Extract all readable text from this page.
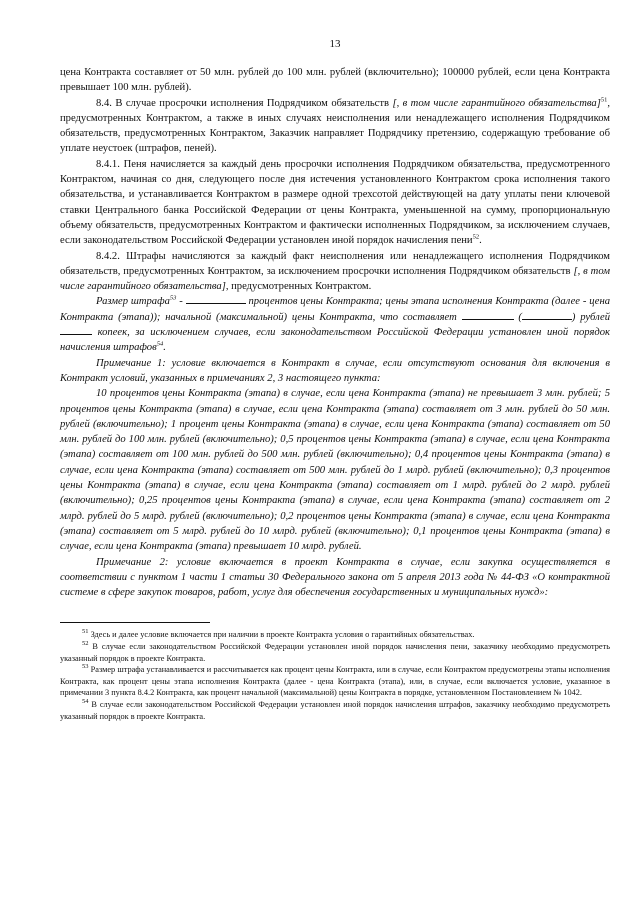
13

цена Контракта составляет от 50 млн. рублей до 100 млн. рублей (включительно); 100000 рублей, если цена Контракта превышает 100 млн. рублей).

8.4. В случае просрочки исполнения Подрядчиком обязательств [, в том числе гарантийного обязательства]$^{51}$, предусмотренных Контрактом, а также в иных случаях неисполнения или ненадлежащего исполнения Подрядчиком обязательств, предусмотренных Контрактом, Заказчик направляет Подрядчику претензию, содержащую требование об уплате неустоек (штрафов, пеней).

8.4.1. Пеня начисляется за каждый день просрочки исполнения Подрядчиком обязательства, предусмотренного Контрактом, начиная со дня, следующего после дня истечения установленного Контрактом срока исполнения такого обязательства, и устанавливается Контрактом в размере одной трехсотой действующей на дату уплаты пени ключевой ставки Центрального банка Российской Федерации от цены Контракта, уменьшенной на сумму, пропорциональную объему обязательств, предусмотренных Контрактом и фактически исполненных Подрядчиком, за исключением случаев, если законодательством Российской Федерации установлен иной порядок начисления пени$^{52}$.

8.4.2. Штрафы начисляются за каждый факт неисполнения или ненадлежащего исполнения Подрядчиком обязательств, предусмотренных Контрактом, за исключением просрочки исполнения Подрядчиком обязательств [, в том числе гарантийного обязательства], предусмотренных Контрактом.

Размер штрафа$^{53}$ -	процентов цены Контракта; цены этапа исполнения Контракта (далее - цена Контракта (этапа)); начальной (максимальной) цены Контракта, что составляет	(	) рублей  копеек, за исключением случаев, если законодательством Российской Федерации установлен иной порядок начисления штрафов$^{54}$.

Примечание 1: условие включается в Контракт в случае, если отсутствуют основания для включения в Контракт условий, указанных в примечаниях 2, 3 настоящего пункта:

10 процентов цены Контракта (этапа) в случае, если цена Контракта (этапа) не превышает 3 млн. рублей; 5 процентов цены Контракта (этапа) в случае, если цена Контракта (этапа) составляет от 3 млн. рублей до 50 млн. рублей (включительно); 1 процент цены Контракта (этапа) в случае, если цена Контракта (этапа) составляет от 50 млн. рублей до 100 млн. рублей (включительно); 0,5 процентов цены Контракта (этапа) в случае, если цена Контракта (этапа) составляет от 100 млн. рублей до 500 млн. рублей (включительно); 0,4 процентов цены Контракта (этапа) в случае, если цена Контракта (этапа) составляет от 500 млн. рублей до 1 млрд. рублей (включительно); 0,3 процентов цены Контракта (этапа) в случае, если цена Контракта (этапа) составляет от 1 млрд. рублей до 2 млрд. рублей (включительно); 0,25 процентов цены Контракта (этапа) в случае, если цена Контракта (этапа) составляет от 2 млрд. рублей до 5 млрд. рублей (включительно); 0,2 процентов цены Контракта (этапа) в случае, если цена Контракта (этапа) составляет от 5 млрд. рублей до 10 млрд. рублей (включительно); 0,1 процентов цены Контракта (этапа) в случае, если цена Контракта (этапа) превышает 10 млрд. рублей.

Примечание 2: условие включается в проект Контракта в случае, если закупка осуществляется в соответствии с пунктом 1 части 1 статьи 30 Федерального закона от 5 апреля 2013 года № 44-ФЗ «О контрактной системе в сфере закупок товаров, работ, услуг для обеспечения государственных и муниципальных нужд»:

$^{51}$ Здесь и далее условие включается при наличии в проекте Контракта условия о гарантийных обязательствах.

$^{52}$ В случае если законодательством Российской Федерации установлен иной порядок начисления пени, заказчику необходимо предусмотреть указанный порядок в проекте Контракта.

$^{53}$ Размер штрафа устанавливается и рассчитывается как процент цены Контракта, или в случае, если Контрактом предусмотрены этапы исполнения Контракта, как процент цены этапа исполнения Контракта (далее - цена Контракта (этапа), или, в случае, если включается условие, указанное в примечании 3 пункта 8.4.2 Контракта, как процент начальной (максимальной) цены Контракта в порядке, установленном Постановлением № 1042.

$^{54}$ В случае если законодательством Российской Федерации установлен иной порядок начисления штрафов, заказчику необходимо предусмотреть указанный порядок в проекте Контракта.
